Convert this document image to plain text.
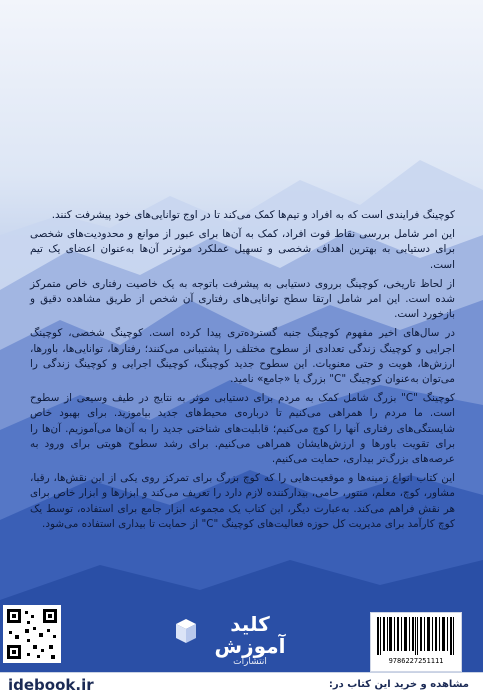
کوچینگ فرایندی است که به افراد و تیم‌ها کمک می‌کند تا در اوج توانایی‌های خود پیشرفت کنند.

این امر شامل بررسی نقاط قوت افراد، کمک به آن‌ها برای عبور از موانع و محدودیت‌های شخصی برای دستیابی به بهترین اهداف شخصی و تسهیل عملکرد موثرتر آن‌ها به‌عنوان اعضای یک تیم است.

از لحاظ تاریخی، کوچینگ برروی دستیابی به پیشرفت باتوجه به یک خاصیت رفتاری خاص متمرکز شده است. این امر شامل ارتقا سطح توانایی‌های رفتاری آن شخص از طریق مشاهده دقیق و بازخورد است.

در سال‌های اخیر مفهوم کوچینگ جنبه گسترده‌تری پیدا کرده است. کوچینگ شخصی، کوچینگ اجرایی و کوچینگ زندگی تعدادی از سطوح مختلف را پشتیبانی می‌کنند؛ رفتارها، توانایی‌ها، باورها، ارزش‌ها، هویت و حتی معنویات. این سطوح جدید کوچینگ، کوچینگ اجرایی و کوچینگ زندگی را می‌توان به‌عنوان کوچینگ "C" بزرگ یا «جامع» نامید.

کوچینگ "C" بزرگ شامل کمک به مردم برای دستیابی موثر به نتایج در طیف وسیعی از سطوح است. ما مردم را همراهی می‌کنیم تا درباره‌ی محیط‌های جدید بیاموزید. برای بهبود خاص شایستگی‌های رفتاری آنها را کوچ می‌کنیم؛ قابلیت‌های شناختی جدید را به آن‌ها می‌آموزیم. آن‌ها را برای تقویت باورها و ارزش‌هایشان همراهی می‌کنیم. برای رشد سطوح هویتی برای ورود به عرصه‌های بزرگ‌تر بیداری، حمایت می‌کنیم.

این کتاب انواع زمینه‌ها و موقعیت‌هایی را که کوچ بزرگ برای تمرکز روی یکی از این نقش‌ها، رقبا، مشاور، کوچ، معلم، منتور، حامی، بیدارکننده لازم دارد را تعریف می‌کند و ابزارها و ابزار خاص برای هر نقش فراهم می‌کند. به‌عبارت دیگر، این کتاب یک مجموعه ابزار جامع برای استفاده، توسط یک کوچ کارآمد برای مدیریت کل حوزه فعالیت‌های کوچینگ "C" از حمایت تا بیداری استفاده می‌شود.

کلید آموزش
انتشارات	9786227251111
idebook.ir	مشاهده و خرید این کتاب در:
